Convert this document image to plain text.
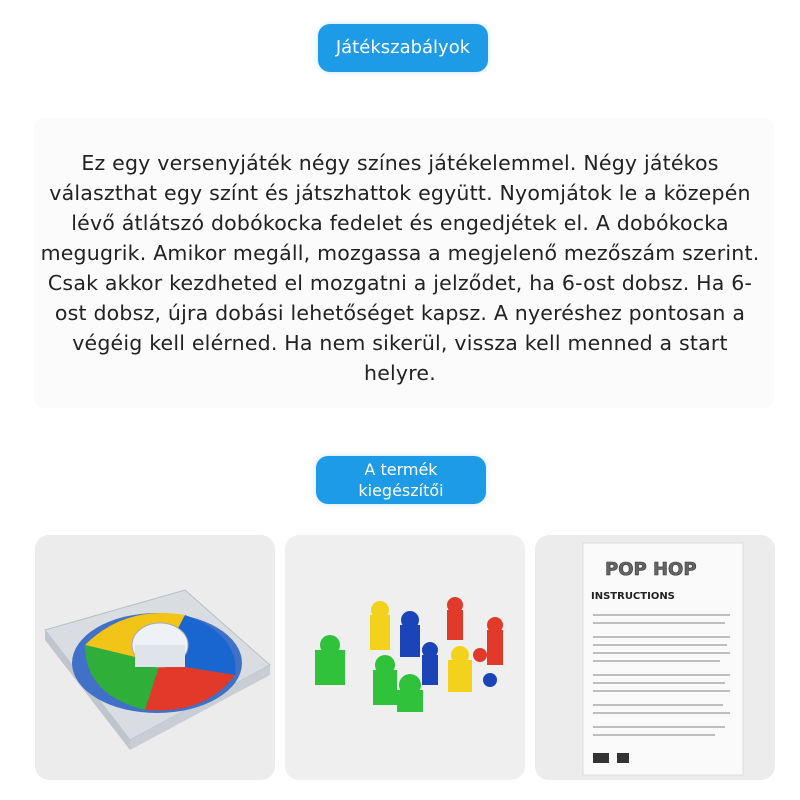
Játékszabályok
Ez egy versenyjáték négy színes játékelemmel. Négy játékos választhat egy színt és játszhattok együtt. Nyomjátok le a közepén lévő átlátszó dobókocka fedelet és engedjétek el. A dobókocka megugrik. Amikor megáll, mozgassa a megjelenő mezőszám szerint. Csak akkor kezdheted el mozgatni a jelződet, ha 6-ost dobsz. Ha 6-ost dobsz, újra dobási lehetőséget kapsz. A nyeréshez pontosan a végéig kell elérned. Ha nem sikerül, vissza kell menned a start helyre.
A termék
kiegészítői
POP HOP
INSTRUCTIONS
